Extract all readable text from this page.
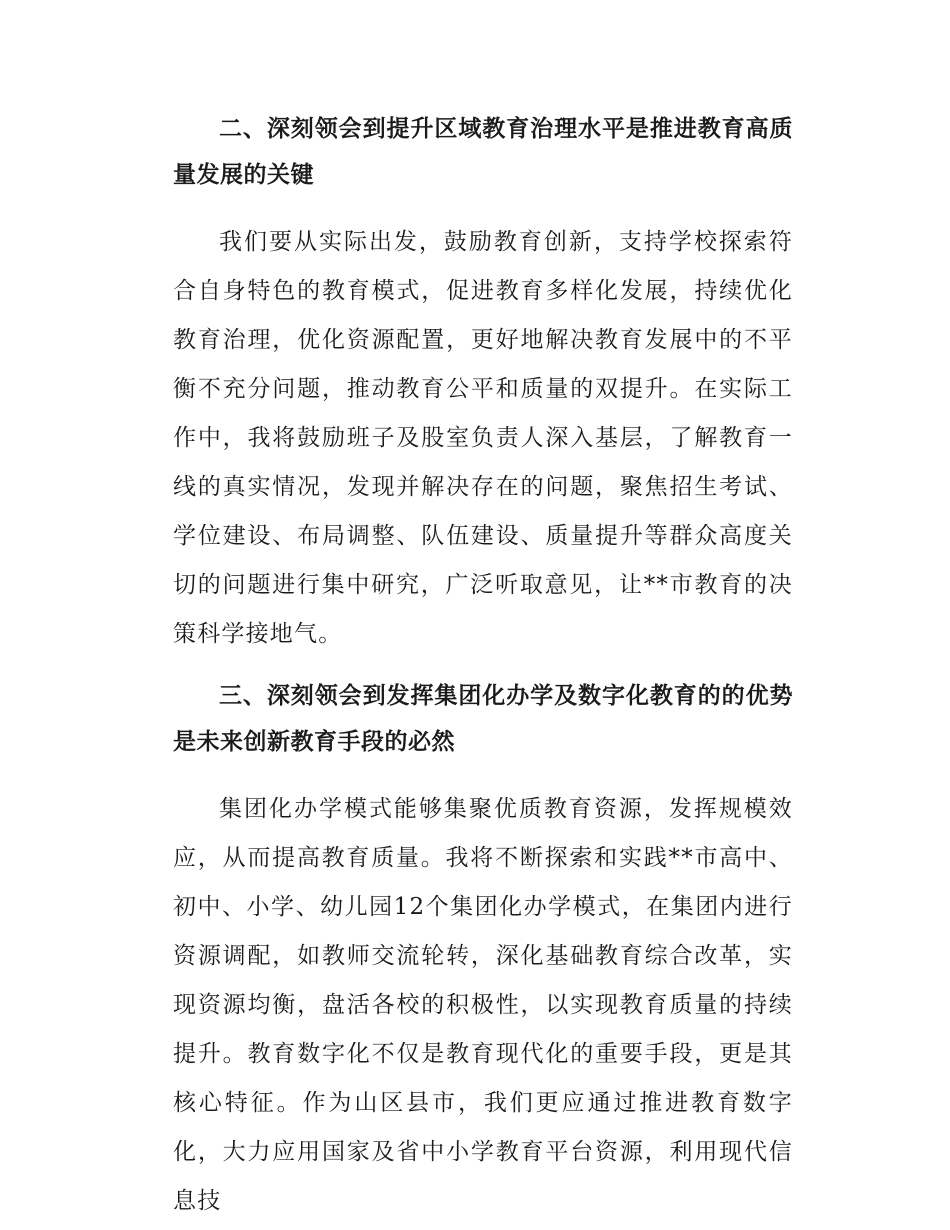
二、深刻领会到提升区域教育治理水平是推进教育高质量发展的关键

我们要从实际出发，鼓励教育创新，支持学校探索符合自身特色的教育模式，促进教育多样化发展，持续优化教育治理，优化资源配置，更好地解决教育发展中的不平衡不充分问题，推动教育公平和质量的双提升。在实际工作中，我将鼓励班子及股室负责人深入基层，了解教育一线的真实情况，发现并解决存在的问题，聚焦招生考试、学位建设、布局调整、队伍建设、质量提升等群众高度关切的问题进行集中研究，广泛听取意见，让**市教育的决策科学接地气。

三、深刻领会到发挥集团化办学及数字化教育的的优势是未来创新教育手段的必然

集团化办学模式能够集聚优质教育资源，发挥规模效应，从而提高教育质量。我将不断探索和实践**市高中、初中、小学、幼儿园12个集团化办学模式，在集团内进行资源调配，如教师交流轮转，深化基础教育综合改革，实现资源均衡，盘活各校的积极性，以实现教育质量的持续提升。教育数字化不仅是教育现代化的重要手段，更是其核心特征。作为山区县市，我们更应通过推进教育数字化，大力应用国家及省中小学教育平台资源，利用现代信息技
